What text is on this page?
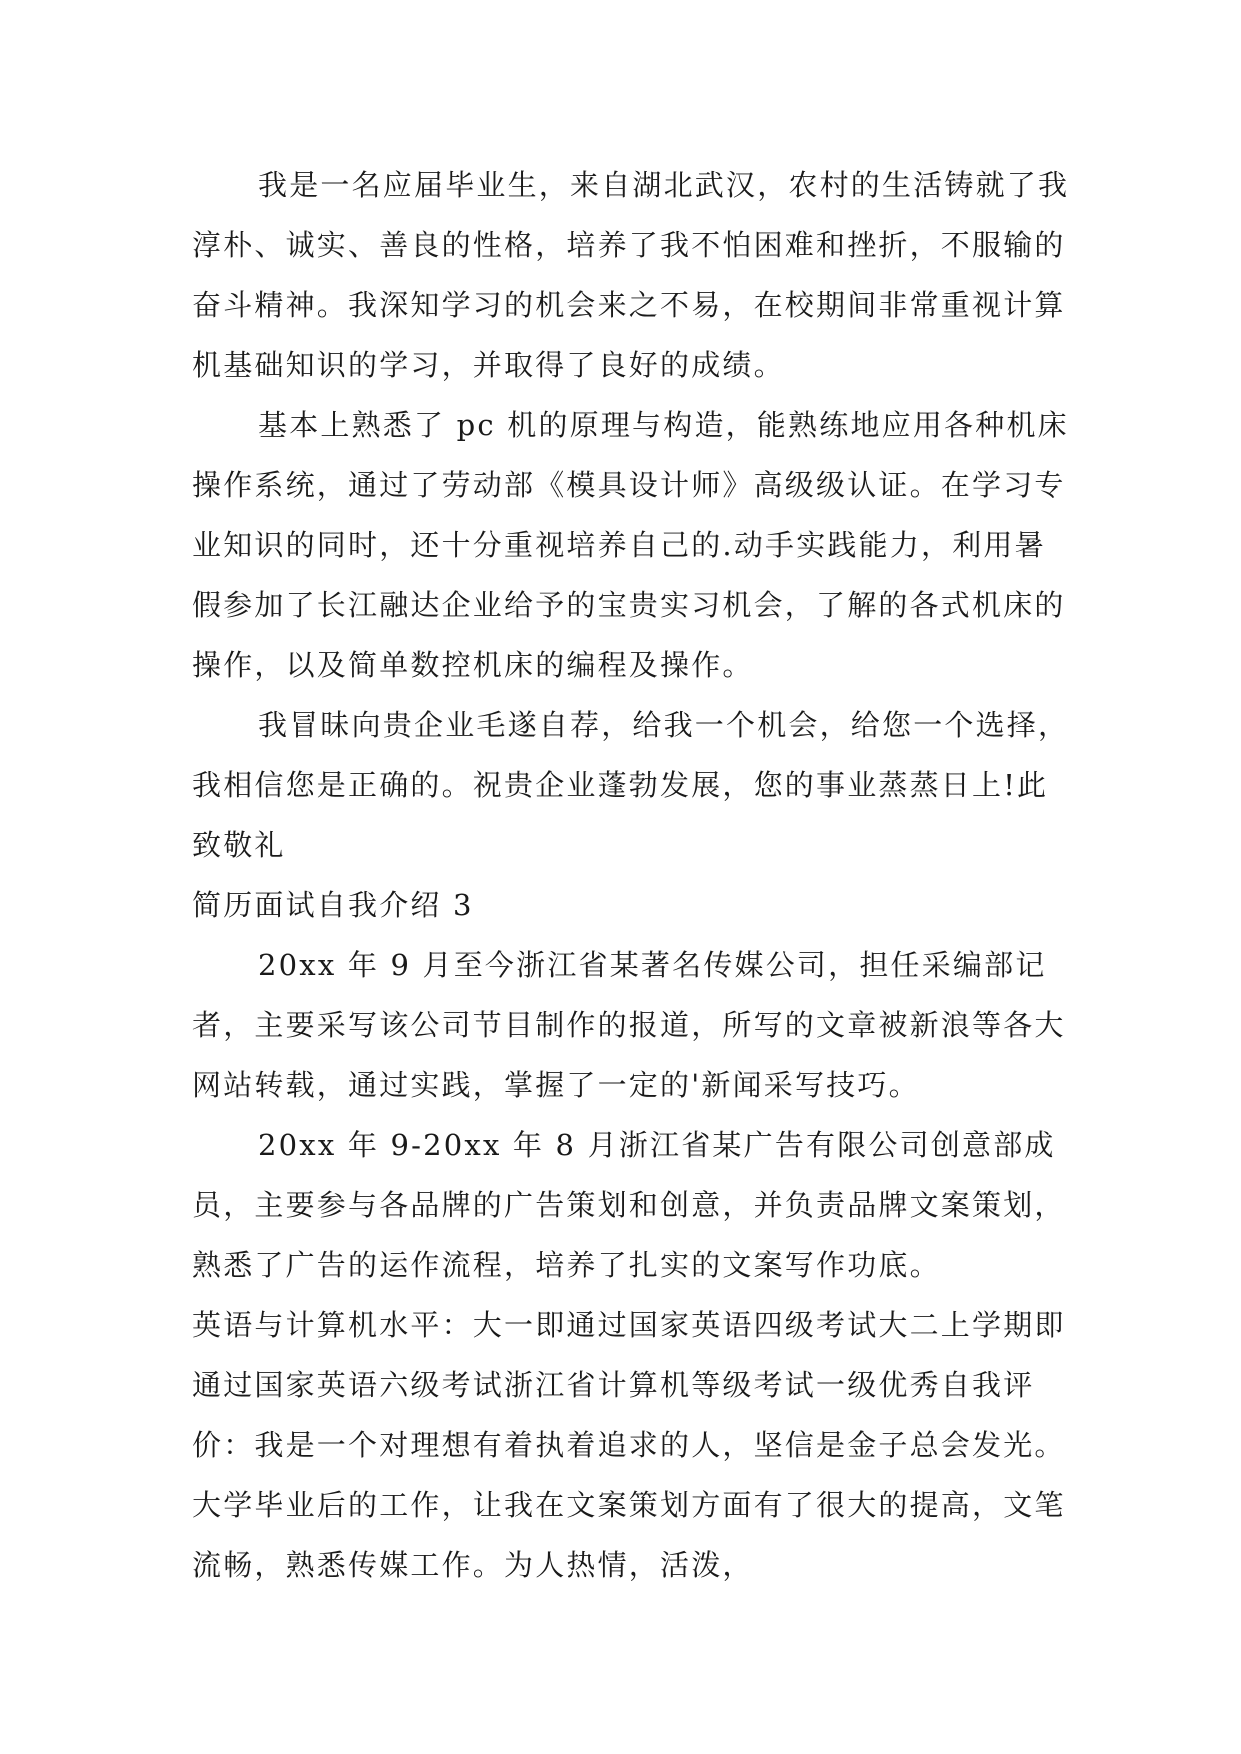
我是一名应届毕业生，来自湖北武汉，农村的生活铸就了我淳朴、诚实、善良的性格，培养了我不怕困难和挫折，不服输的奋斗精神。我深知学习的机会来之不易，在校期间非常重视计算机基础知识的学习，并取得了良好的成绩。

基本上熟悉了 pc 机的原理与构造，能熟练地应用各种机床操作系统，通过了劳动部《模具设计师》高级级认证。在学习专业知识的同时，还十分重视培养自己的.动手实践能力，利用暑假参加了长江融达企业给予的宝贵实习机会，了解的各式机床的操作，以及简单数控机床的编程及操作。

我冒昧向贵企业毛遂自荐，给我一个机会，给您一个选择，我相信您是正确的。祝贵企业蓬勃发展，您的事业蒸蒸日上!此致敬礼

简历面试自我介绍 3

20xx 年 9 月至今浙江省某著名传媒公司，担任采编部记者，主要采写该公司节目制作的报道，所写的文章被新浪等各大网站转载，通过实践，掌握了一定的'新闻采写技巧。

20xx 年 9-20xx 年 8 月浙江省某广告有限公司创意部成员，主要参与各品牌的广告策划和创意，并负责品牌文案策划，熟悉了广告的运作流程，培养了扎实的文案写作功底。

英语与计算机水平：大一即通过国家英语四级考试大二上学期即通过国家英语六级考试浙江省计算机等级考试一级优秀自我评价：我是一个对理想有着执着追求的人，坚信是金子总会发光。大学毕业后的工作，让我在文案策划方面有了很大的提高，文笔流畅，熟悉传媒工作。为人热情，活泼，
